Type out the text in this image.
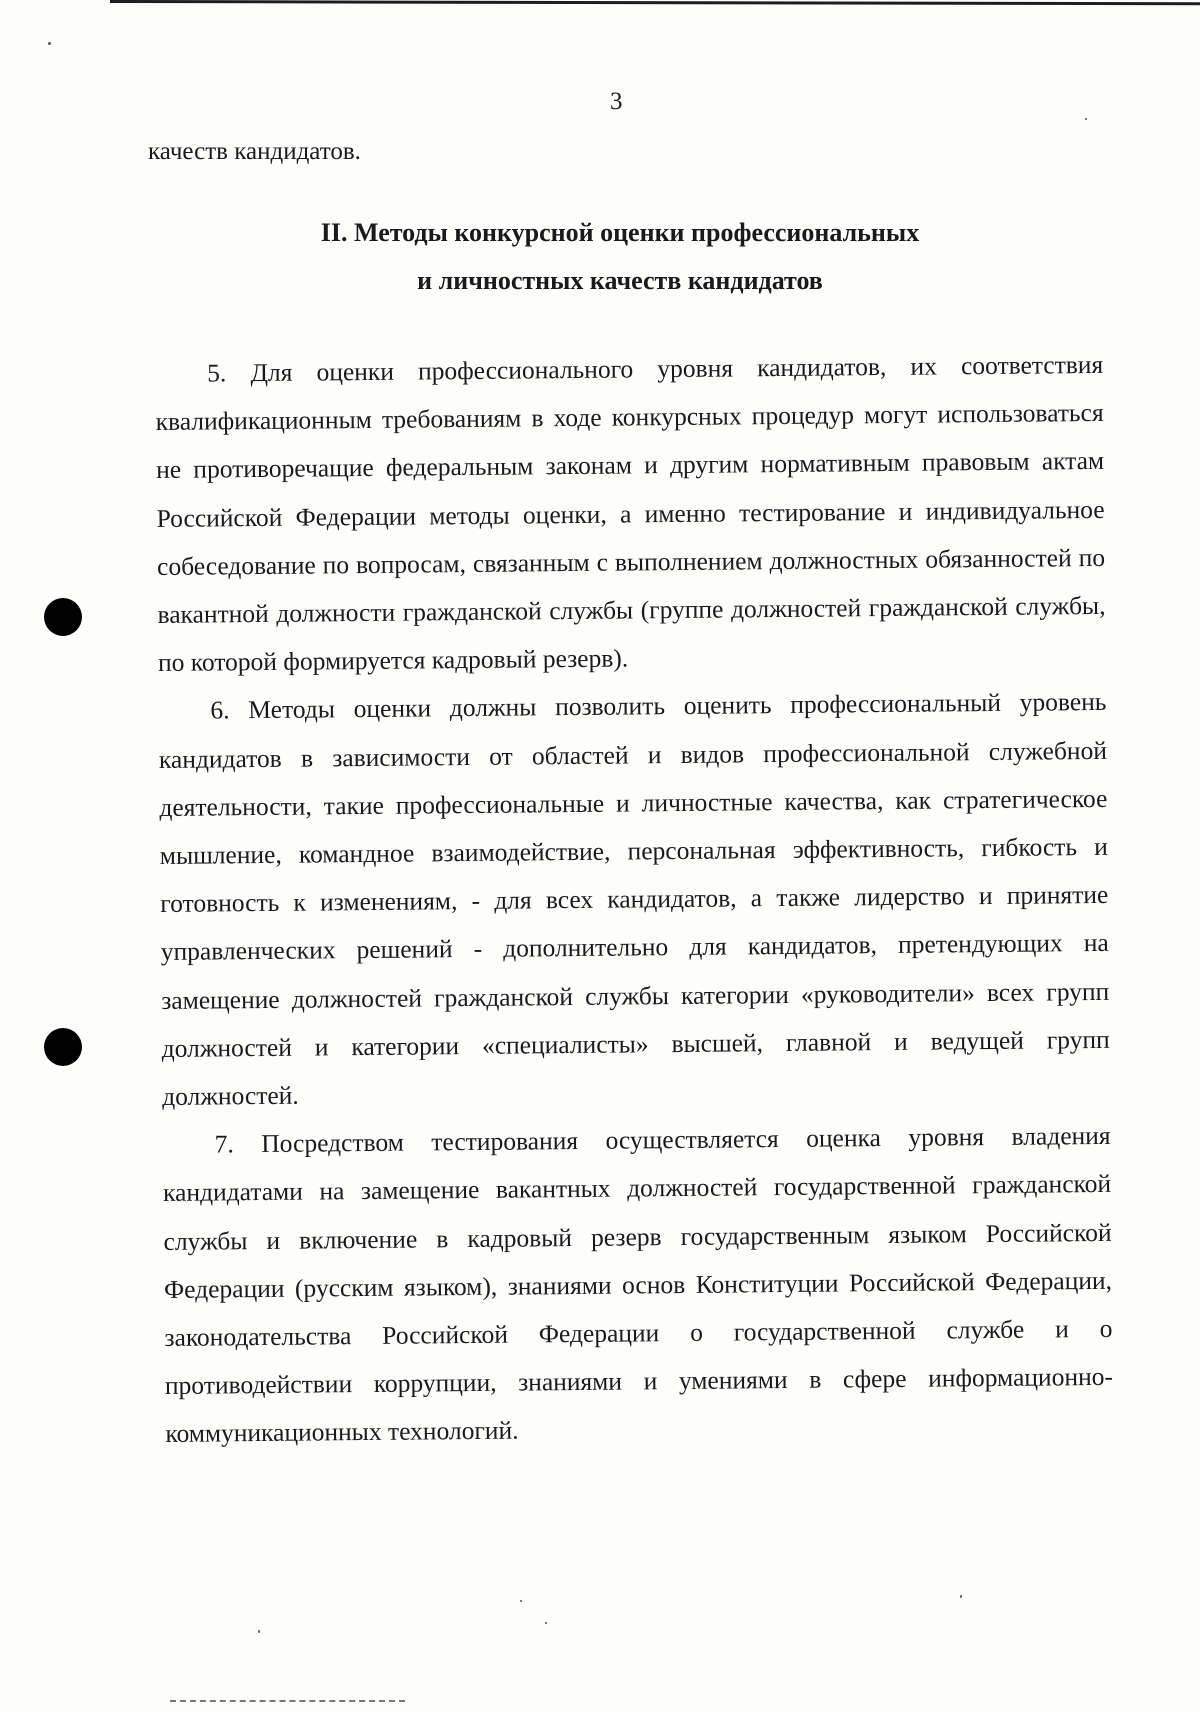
3
качеств кандидатов.
II. Методы конкурсной оценки профессиональных
и личностных качеств кандидатов

5. Для оценки профессионального уровня кандидатов, их соответствия квалификационным требованиям в ходе конкурсных процедур могут использоваться не противоречащие федеральным законам и другим нормативным правовым актам Российской Федерации методы оценки, а именно тестирование и индивидуальное собеседование по вопросам, связанным с выполнением должностных обязанностей по вакантной должности гражданской службы (группе должностей гражданской службы, по которой формируется кадровый резерв).

6. Методы оценки должны позволить оценить профессиональный уровень кандидатов в зависимости от областей и видов профессиональной служебной деятельности, такие профессиональные и личностные качества, как стратегическое мышление, командное взаимодействие, персональная эффективность, гибкость и готовность к изменениям, - для всех кандидатов, а также лидерство и принятие управленческих решений - дополнительно для кандидатов, претендующих на замещение должностей гражданской службы категории «руководители» всех групп должностей и категории «специалисты» высшей, главной и ведущей групп должностей.

7. Посредством тестирования осуществляется оценка уровня владения кандидатами на замещение вакантных должностей государственной гражданской службы и включение в кадровый резерв государственным языком Российской Федерации (русским языком), знаниями основ Конституции Российской Федерации, законодательства Российской Федерации о государственной службе и о противодействии коррупции, знаниями и умениями в сфере информационно-коммуникационных технологий.
